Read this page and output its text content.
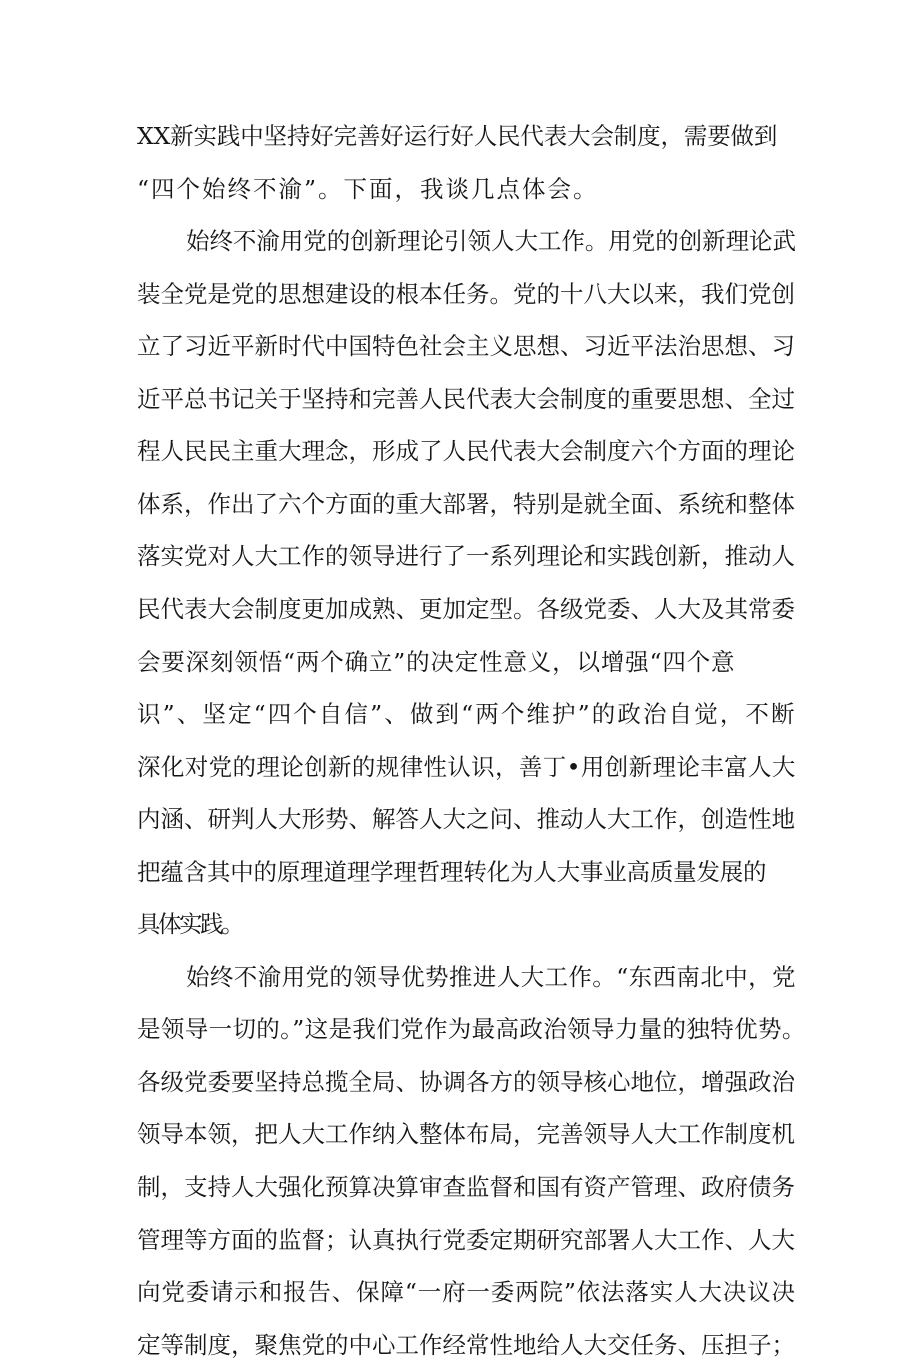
XX新实践中坚持好完善好运行好人民代表大会制度，需要做到
“四个始终不渝”。下面，我谈几点体会。
始终不渝用党的创新理论引领人大工作。用党的创新理论武
装全党是党的思想建设的根本任务。党的十八大以来，我们党创
立了习近平新时代中国特色社会主义思想、习近平法治思想、习
近平总书记关于坚持和完善人民代表大会制度的重要思想、全过
程人民民主重大理念，形成了人民代表大会制度六个方面的理论
体系，作出了六个方面的重大部署，特别是就全面、系统和整体
落实党对人大工作的领导进行了一系列理论和实践创新，推动人
民代表大会制度更加成熟、更加定型。各级党委、人大及其常委
会要深刻领悟“两个确立”的决定性意义，以增强“四个意
识”、坚定“四个自信”、做到“两个维护”的政治自觉，不断
深化对党的理论创新的规律性认识，善丁•用创新理论丰富人大
内涵、研判人大形势、解答人大之问、推动人大工作，创造性地
把蕴含其中的原理道理学理哲理转化为人大事业高质量发展的
具体实践。
始终不渝用党的领导优势推进人大工作。“东西南北中，党
是领导一切的。”这是我们党作为最高政治领导力量的独特优势。
各级党委要坚持总揽全局、协调各方的领导核心地位，增强政治
领导本领，把人大工作纳入整体布局，完善领导人大工作制度机
制，支持人大强化预算决算审查监督和国有资产管理、政府债务
管理等方面的监督；认真执行党委定期研究部署人大工作、人大
向党委请示和报告、保障“一府一委两院”依法落实人大决议决
定等制度，聚焦党的中心工作经常性地给人大交任务、压担子；
